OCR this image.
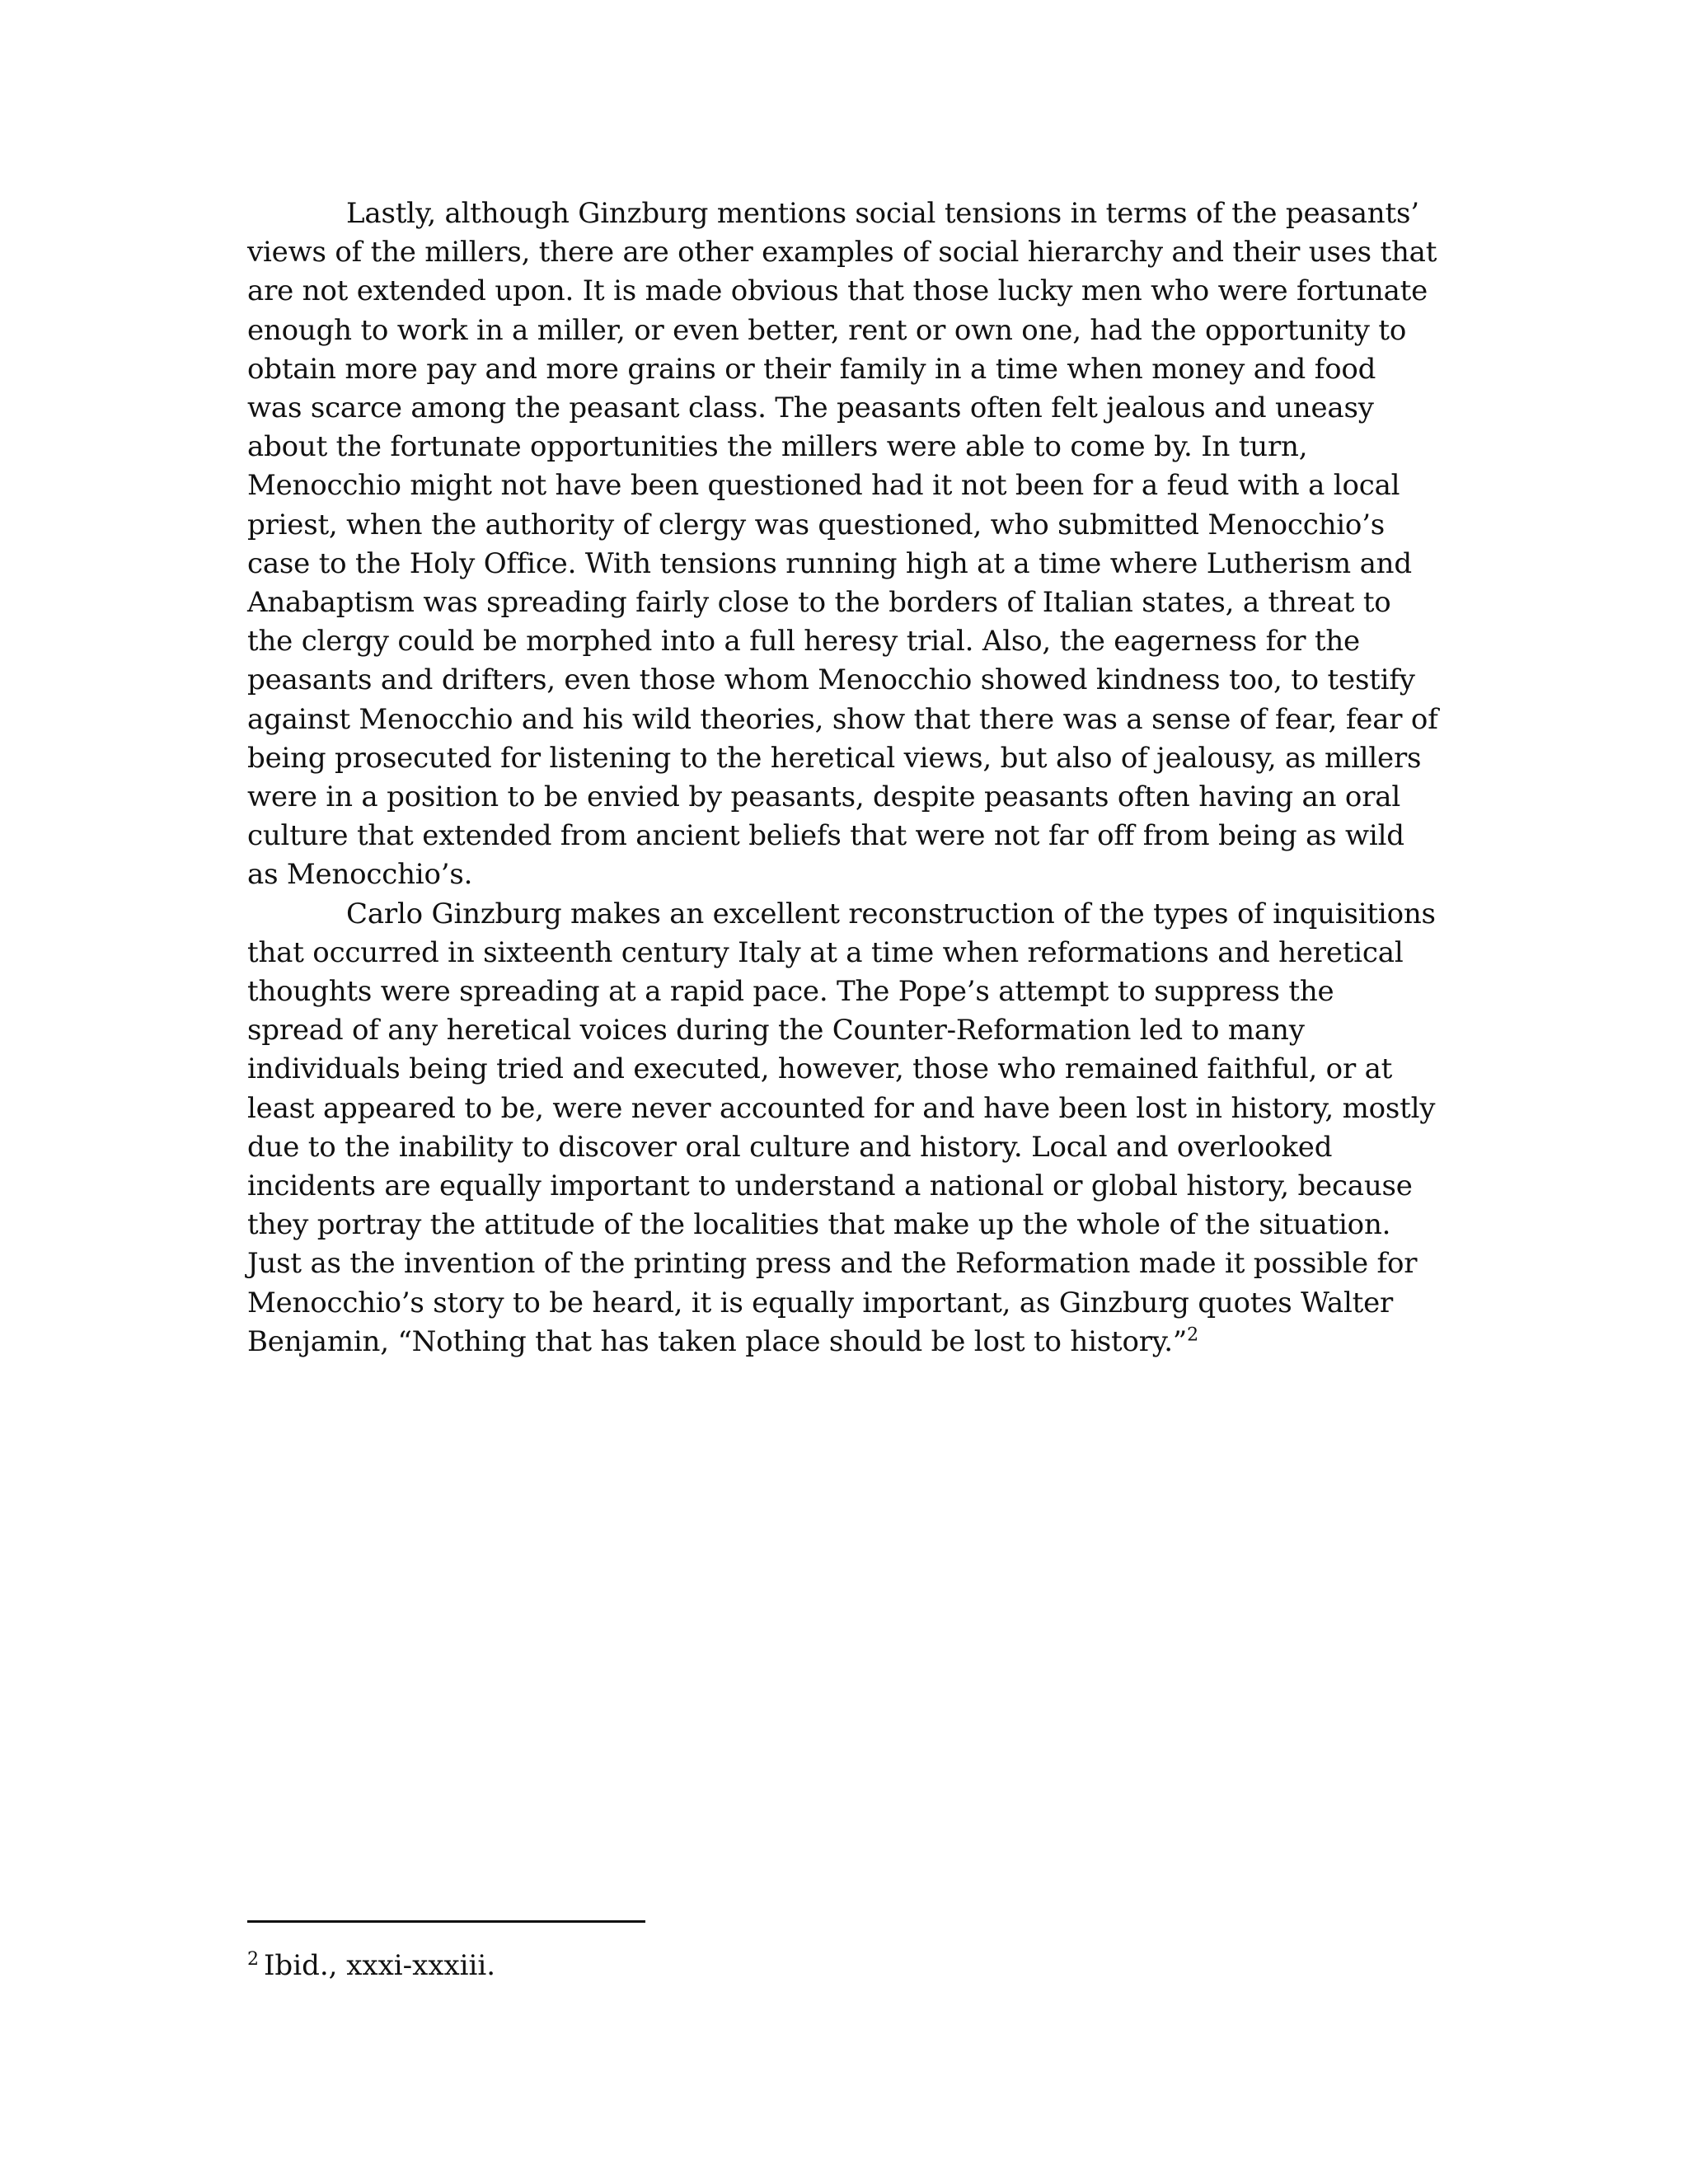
Lastly, although Ginzburg mentions social tensions in terms of the peasants’ views of the millers, there are other examples of social hierarchy and their uses that are not extended upon. It is made obvious that those lucky men who were fortunate enough to work in a miller, or even better, rent or own one, had the opportunity to obtain more pay and more grains or their family in a time when money and food was scarce among the peasant class. The peasants often felt jealous and uneasy about the fortunate opportunities the millers were able to come by. In turn, Menocchio might not have been questioned had it not been for a feud with a local priest, when the authority of clergy was questioned, who submitted Menocchio’s case to the Holy Office. With tensions running high at a time where Lutherism and Anabaptism was spreading fairly close to the borders of Italian states, a threat to the clergy could be morphed into a full heresy trial. Also, the eagerness for the peasants and drifters, even those whom Menocchio showed kindness too, to testify against Menocchio and his wild theories, show that there was a sense of fear, fear of being prosecuted for listening to the heretical views, but also of jealousy, as millers were in a position to be envied by peasants, despite peasants often having an oral culture that extended from ancient beliefs that were not far off from being as wild as Menocchio’s.

Carlo Ginzburg makes an excellent reconstruction of the types of inquisitions that occurred in sixteenth century Italy at a time when reformations and heretical thoughts were spreading at a rapid pace. The Pope’s attempt to suppress the spread of any heretical voices during the Counter-Reformation led to many individuals being tried and executed, however, those who remained faithful, or at least appeared to be, were never accounted for and have been lost in history, mostly due to the inability to discover oral culture and history. Local and overlooked incidents are equally important to understand a national or global history, because they portray the attitude of the localities that make up the whole of the situation. Just as the invention of the printing press and the Reformation made it possible for Menocchio’s story to be heard, it is equally important, as Ginzburg quotes Walter Benjamin, “Nothing that has taken place should be lost to history.”$^2$

$^2$ Ibid., xxxi-xxxiii.
